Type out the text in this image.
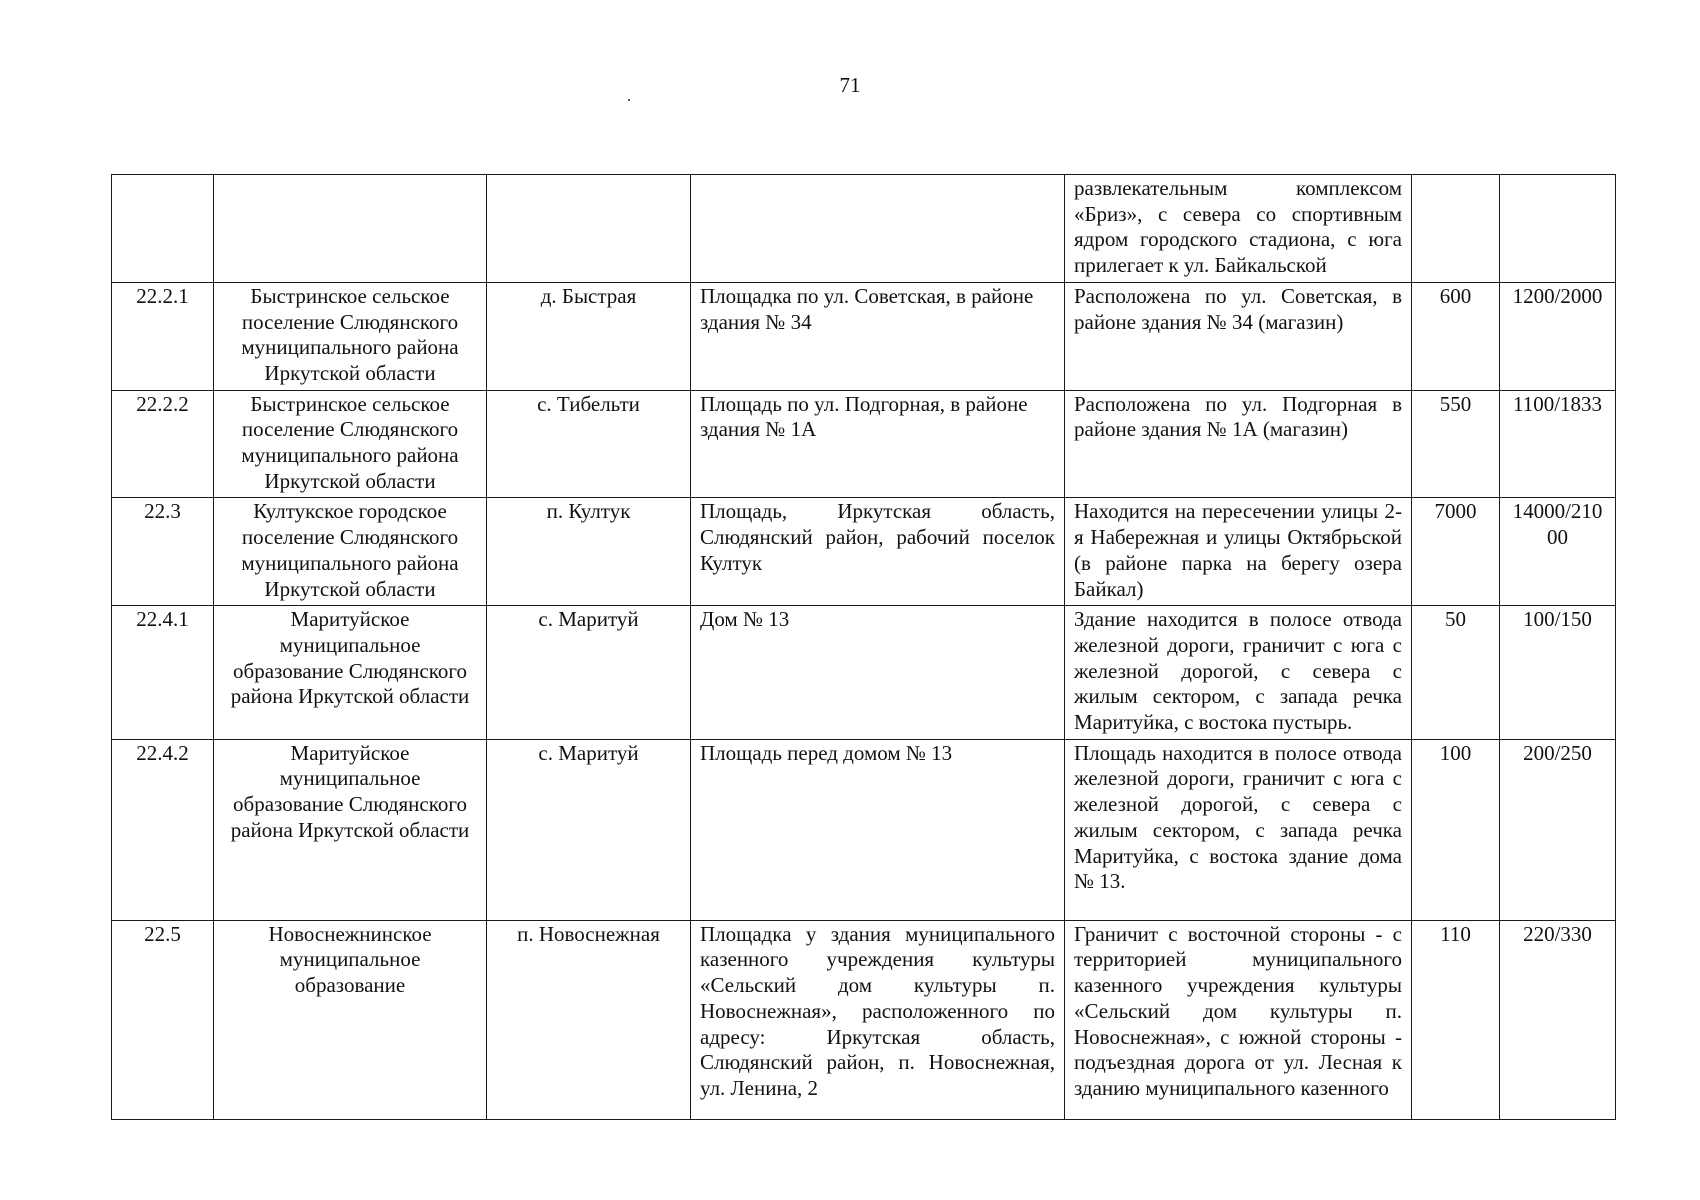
71
				развлекательным комплексом «Бриз», с севера со спортивным ядром городского стадиона, с юга прилегает к ул. Байкальской		
22.2.1	Быстринское сельское поселение Слюдянского муниципального района Иркутской области	д. Быстрая	Площадка по ул. Советская, в районе здания № 34	Расположена по ул. Советская, в районе здания № 34 (магазин)	600	1200/2000
22.2.2	Быстринское сельское поселение Слюдянского муниципального района Иркутской области	с. Тибельти	Площадь по ул. Подгорная, в районе здания № 1А	Расположена по ул. Подгорная в районе здания № 1А (магазин)	550	1100/1833
22.3	Култукское городское поселение Слюдянского муниципального района Иркутской области	п. Култук	Площадь, Иркутская область, Слюдянский район, рабочий поселок Култук	Находится на пересечении улицы 2-я Набережная и улицы Октябрьской (в районе парка на берегу озера Байкал)	7000	14000/21000
22.4.1	Маритуйское муниципальное образование Слюдянского района Иркутской области	с. Маритуй	Дом № 13	Здание находится в полосе отвода железной дороги, граничит с юга с железной дорогой, с севера с жилым сектором, с запада речка Маритуйка, с востока пустырь.	50	100/150
22.4.2	Маритуйское муниципальное образование Слюдянского района Иркутской области	с. Маритуй	Площадь перед домом № 13	Площадь находится в полосе отвода железной дороги, граничит с юга с железной дорогой, с севера с жилым сектором, с запада речка Маритуйка, с востока здание дома № 13.	100	200/250
22.5	Новоснежнинское муниципальное образование	п. Новоснежная	Площадка у здания муниципального казенного учреждения культуры «Сельский дом культуры п. Новоснежная», расположенного по адресу: Иркутская область, Слюдянский район, п. Новоснежная, ул. Ленина, 2	Граничит с восточной стороны - с территорией муниципального казенного учреждения культуры «Сельский дом культуры п. Новоснежная», с южной стороны - подъездная дорога от ул. Лесная к зданию муниципального казенного	110	220/330
